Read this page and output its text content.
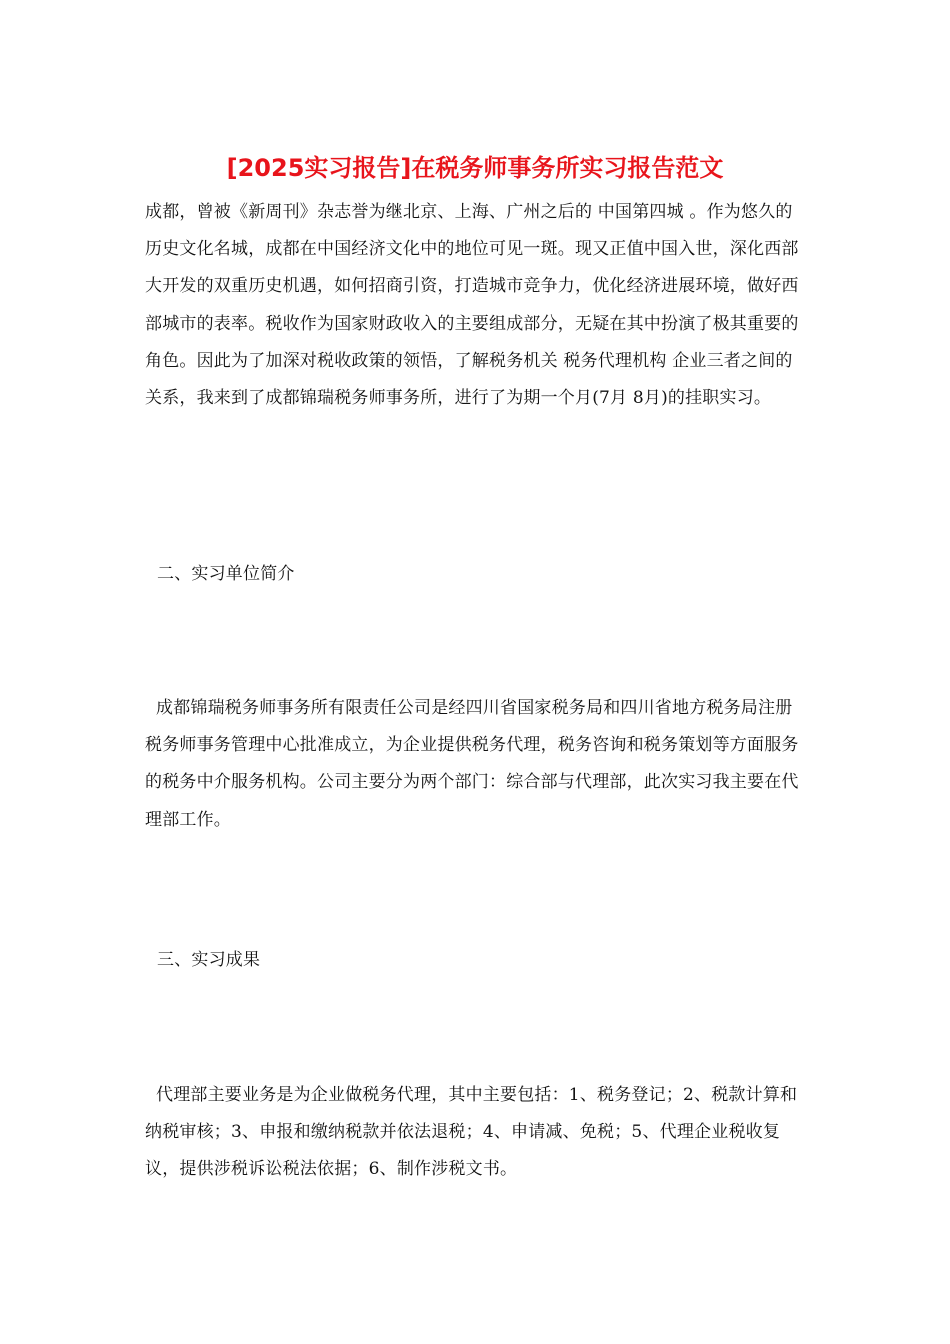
[2025实习报告]在税务师事务所实习报告范文

成都，曾被《新周刊》杂志誉为继北京、上海、广州之后的 中国第四城 。作为悠久的历史文化名城，成都在中国经济文化中的地位可见一斑。现又正值中国入世，深化西部大开发的双重历史机遇，如何招商引资，打造城市竞争力，优化经济进展环境，做好西部城市的表率。税收作为国家财政收入的主要组成部分，无疑在其中扮演了极其重要的角色。因此为了加深对税收政策的领悟，了解税务机关 税务代理机构 企业三者之间的关系，我来到了成都锦瑞税务师事务所，进行了为期一个月(7月 8月)的挂职实习。

二、实习单位简介

成都锦瑞税务师事务所有限责任公司是经四川省国家税务局和四川省地方税务局注册税务师事务管理中心批准成立，为企业提供税务代理，税务咨询和税务策划等方面服务的税务中介服务机构。公司主要分为两个部门：综合部与代理部，此次实习我主要在代理部工作。

三、实习成果

代理部主要业务是为企业做税务代理，其中主要包括：1、税务登记；2、税款计算和纳税审核；3、申报和缴纳税款并依法退税；4、申请减、免税；5、代理企业税收复议，提供涉税诉讼税法依据；6、制作涉税文书。
